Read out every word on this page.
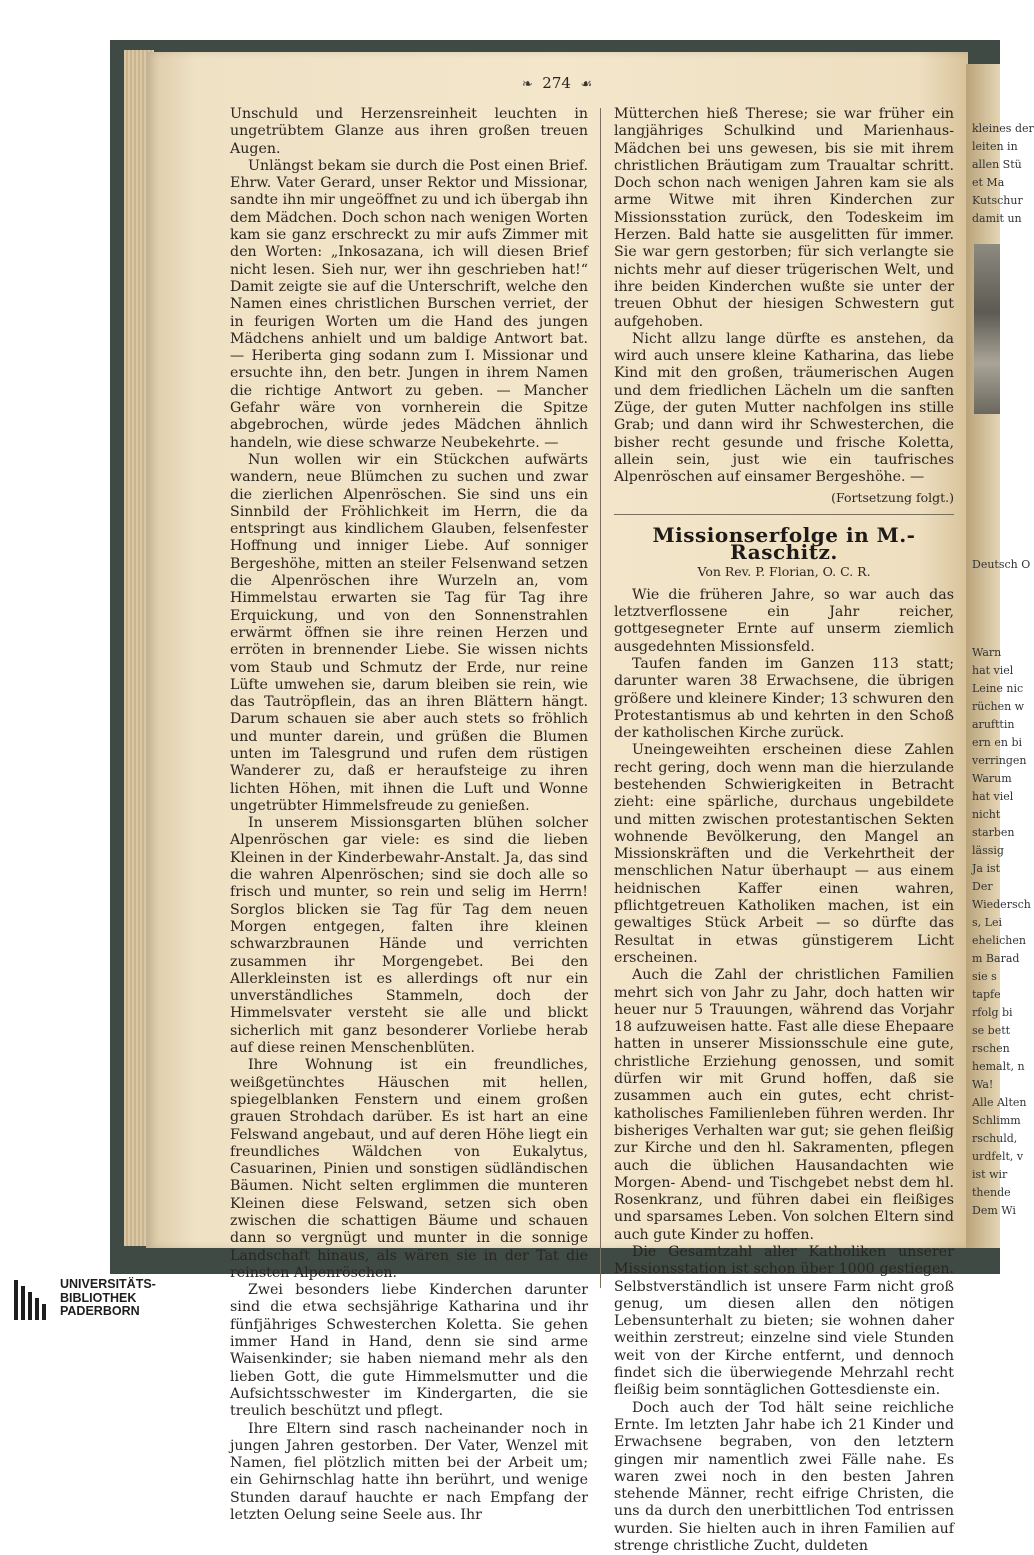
❧ 274 ☙

Unschuld und Herzensreinheit leuchten in ungetrübtem Glanze aus ihren großen treuen Augen.

Unlängst bekam sie durch die Post einen Brief. Ehrw. Vater Gerard, unser Rektor und Missionar, sandte ihn mir ungeöffnet zu und ich übergab ihn dem Mädchen. Doch schon nach wenigen Worten kam sie ganz erschreckt zu mir aufs Zimmer mit den Worten: „Inkosazana, ich will diesen Brief nicht lesen. Sieh nur, wer ihn geschrieben hat!“ Damit zeigte sie auf die Unterschrift, welche den Namen eines christlichen Burschen verriet, der in feurigen Worten um die Hand des jungen Mädchens anhielt und um baldige Antwort bat. — Heriberta ging sodann zum I. Missionar und ersuchte ihn, den betr. Jungen in ihrem Namen die richtige Antwort zu geben. — Mancher Gefahr wäre von vornherein die Spitze abgebrochen, würde jedes Mädchen ähnlich handeln, wie diese schwarze Neubekehrte. —

Nun wollen wir ein Stückchen aufwärts wandern, neue Blümchen zu suchen und zwar die zierlichen Alpenröschen. Sie sind uns ein Sinnbild der Fröhlichkeit im Herrn, die da entspringt aus kindlichem Glauben, felsenfester Hoffnung und inniger Liebe. Auf sonniger Bergeshöhe, mitten an steiler Felsenwand setzen die Alpenröschen ihre Wurzeln an, vom Himmelstau erwarten sie Tag für Tag ihre Erquickung, und von den Sonnenstrahlen erwärmt öffnen sie ihre reinen Herzen und erröten in brennender Liebe. Sie wissen nichts vom Staub und Schmutz der Erde, nur reine Lüfte umwehen sie, darum bleiben sie rein, wie das Tautröpflein, das an ihren Blättern hängt. Darum schauen sie aber auch stets so fröhlich und munter darein, und grüßen die Blumen unten im Talesgrund und rufen dem rüstigen Wanderer zu, daß er heraufsteige zu ihren lichten Höhen, mit ihnen die Luft und Wonne ungetrübter Himmelsfreude zu genießen.

In unserem Missionsgarten blühen solcher Alpenröschen gar viele: es sind die lieben Kleinen in der Kinderbewahr-Anstalt. Ja, das sind die wahren Alpenröschen; sind sie doch alle so frisch und munter, so rein und selig im Herrn! Sorglos blicken sie Tag für Tag dem neuen Morgen entgegen, falten ihre kleinen schwarzbraunen Hände und verrichten zusammen ihr Morgengebet. Bei den Allerkleinsten ist es allerdings oft nur ein unverständliches Stammeln, doch der Himmelsvater versteht sie alle und blickt sicherlich mit ganz besonderer Vorliebe herab auf diese reinen Menschenblüten.

Ihre Wohnung ist ein freundliches, weißgetünchtes Häuschen mit hellen, spiegelblanken Fenstern und einem großen grauen Strohdach darüber. Es ist hart an eine Felswand angebaut, und auf deren Höhe liegt ein freundliches Wäldchen von Eukalytus, Casuarinen, Pinien und sonstigen südländischen Bäumen. Nicht selten erglimmen die munteren Kleinen diese Felswand, setzen sich oben zwischen die schattigen Bäume und schauen dann so vergnügt und munter in die sonnige Landschaft hinaus, als wären sie in der Tat die reinsten Alpenröschen.

Zwei besonders liebe Kinderchen darunter sind die etwa sechsjährige Katharina und ihr fünfjähriges Schwesterchen Koletta. Sie gehen immer Hand in Hand, denn sie sind arme Waisenkinder; sie haben niemand mehr als den lieben Gott, die gute Himmelsmutter und die Aufsichtsschwester im Kindergarten, die sie treulich beschützt und pflegt.

Ihre Eltern sind rasch nacheinander noch in jungen Jahren gestorben. Der Vater, Wenzel mit Namen, fiel plötzlich mitten bei der Arbeit um; ein Gehirnschlag hatte ihn berührt, und wenige Stunden darauf hauchte er nach Empfang der letzten Oelung seine Seele aus. Ihr

Mütterchen hieß Therese; sie war früher ein langjähriges Schulkind und Marienhaus-Mädchen bei uns gewesen, bis sie mit ihrem christlichen Bräutigam zum Traualtar schritt. Doch schon nach wenigen Jahren kam sie als arme Witwe mit ihren Kinderchen zur Missionsstation zurück, den Todeskeim im Herzen. Bald hatte sie ausgelitten für immer. Sie war gern gestorben; für sich verlangte sie nichts mehr auf dieser trügerischen Welt, und ihre beiden Kinderchen wußte sie unter der treuen Obhut der hiesigen Schwestern gut aufgehoben.

Nicht allzu lange dürfte es anstehen, da wird auch unsere kleine Katharina, das liebe Kind mit den großen, träumerischen Augen und dem friedlichen Lächeln um die sanften Züge, der guten Mutter nachfolgen ins stille Grab; und dann wird ihr Schwesterchen, die bisher recht gesunde und frische Koletta, allein sein, just wie ein taufrisches Alpenröschen auf einsamer Bergeshöhe. —

(Fortsetzung folgt.)
Missionserfolge in M.-Raschitz.
Von Rev. P. Florian, O. C. R.

Wie die früheren Jahre, so war auch das letztverflossene ein Jahr reicher, gottgesegneter Ernte auf unserm ziemlich ausgedehnten Missionsfeld.

Taufen fanden im Ganzen 113 statt; darunter waren 38 Erwachsene, die übrigen größere und kleinere Kinder; 13 schwuren den Protestantismus ab und kehrten in den Schoß der katholischen Kirche zurück.

Uneingeweihten erscheinen diese Zahlen recht gering, doch wenn man die hierzulande bestehenden Schwierigkeiten in Betracht zieht: eine spärliche, durchaus ungebildete und mitten zwischen protestantischen Sekten wohnende Bevölkerung, den Mangel an Missionskräften und die Verkehrtheit der menschlichen Natur überhaupt — aus einem heidnischen Kaffer einen wahren, pflichtgetreuen Katholiken machen, ist ein gewaltiges Stück Arbeit — so dürfte das Resultat in etwas günstigerem Licht erscheinen.

Auch die Zahl der christlichen Familien mehrt sich von Jahr zu Jahr, doch hatten wir heuer nur 5 Trauungen, während das Vorjahr 18 aufzuweisen hatte. Fast alle diese Ehepaare hatten in unserer Missionsschule eine gute, christliche Erziehung genossen, und somit dürfen wir mit Grund hoffen, daß sie zusammen auch ein gutes, echt christ-katholisches Familienleben führen werden. Ihr bisheriges Verhalten war gut; sie gehen fleißig zur Kirche und den hl. Sakramenten, pflegen auch die üblichen Hausandachten wie Morgen- Abend- und Tischgebet nebst dem hl. Rosenkranz, und führen dabei ein fleißiges und sparsames Leben. Von solchen Eltern sind auch gute Kinder zu hoffen.

Die Gesamtzahl aller Katholiken unserer Missionsstation ist schon über 1000 gestiegen. Selbstverständlich ist unsere Farm nicht groß genug, um diesen allen den nötigen Lebensunterhalt zu bieten; sie wohnen daher weithin zerstreut; einzelne sind viele Stunden weit von der Kirche entfernt, und dennoch findet sich die überwiegende Mehrzahl recht fleißig beim sonntäglichen Gottesdienste ein.

Doch auch der Tod hält seine reichliche Ernte. Im letzten Jahr habe ich 21 Kinder und Erwachsene begraben, von den letztern gingen mir namentlich zwei Fälle nahe. Es waren zwei noch in den besten Jahren stehende Männer, recht eifrige Christen, die uns da durch den unerbittlichen Tod entrissen wurden. Sie hielten auch in ihren Familien auf strenge christliche Zucht, duldeten

kleines der
leiten in
allen Stü
et Ma
Kutschur
damit un
Deutsch O
Warn
hat viel
Leine nic
rüchen w
arufttin
ern en bi
verringen
Warum
hat viel
nicht
starben
lässig
Ja ist
Der
Wiedersch
s, Lei
ehelichen
m Barad
sie s
tapfe
rfolg bi
se bett
rschen
hemalt, n
Wa!
Alle Alten
Schlimm
rschuld,
urdfelt, v
ist wir
thende
Dem Wi
UNIVERSITÄTS-
BIBLIOTHEK
PADERBORN
